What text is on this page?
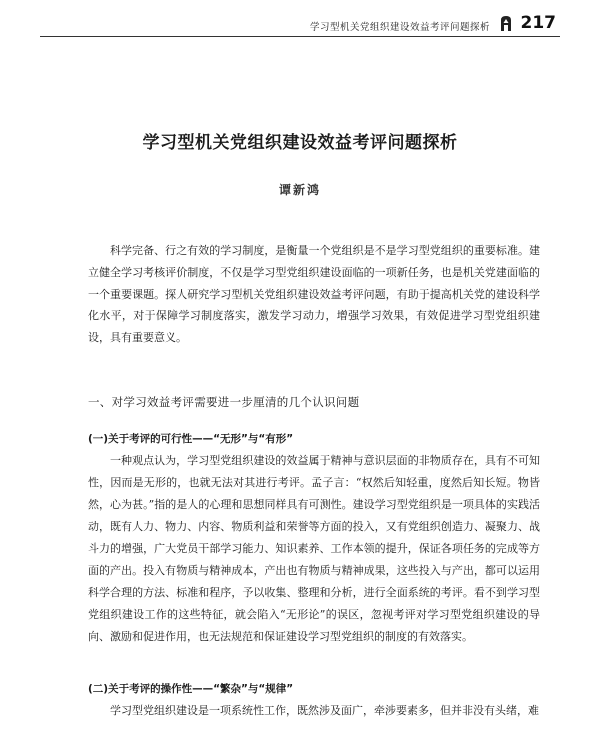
学习型机关党组织建设效益考评问题探析 217
学习型机关党组织建设效益考评问题探析
谭新鸿

科学完备、行之有效的学习制度，是衡量一个党组织是不是学习型党组织的重要标准。建立健全学习考核评价制度，不仅是学习型党组织建设面临的一项新任务，也是机关党建面临的一个重要课题。探人研究学习型机关党组织建设效益考评问题，有助于提高机关党的建设科学化水平，对于保障学习制度落实，激发学习动力，增强学习效果，有效促进学习型党组织建设，具有重要意义。

一、对学习效益考评需要进一步厘清的几个认识问题

(一)关于考评的可行性——“无形”与“有形”

一种观点认为，学习型党组织建设的效益属于精神与意识层面的非物质存在，具有不可知性，因而是无形的，也就无法对其进行考评。孟子言：“权然后知轻重，度然后知长短。物皆然，心为甚。”指的是人的心理和思想同样具有可测性。建设学习型党组织是一项具体的实践活动，既有人力、物力、内容、物质利益和荣誉等方面的投入，又有党组织创造力、凝聚力、战斗力的增强，广大党员干部学习能力、知识素养、工作本领的提升，保证各项任务的完成等方面的产出。投入有物质与精神成本，产出也有物质与精神成果，这些投入与产出，都可以运用科学合理的方法、标准和程序，予以收集、整理和分析，进行全面系统的考评。看不到学习型党组织建设工作的这些特征，就会陷入“无形论”的误区，忽视考评对学习型党组织建设的导向、激励和促进作用，也无法规范和保证建设学习型党组织的制度的有效落实。

(二)关于考评的操作性——“繁杂”与“规律”

学习型党组织建设是一项系统性工作，既然涉及面广，牵涉要素多，但并非没有头绪，难
